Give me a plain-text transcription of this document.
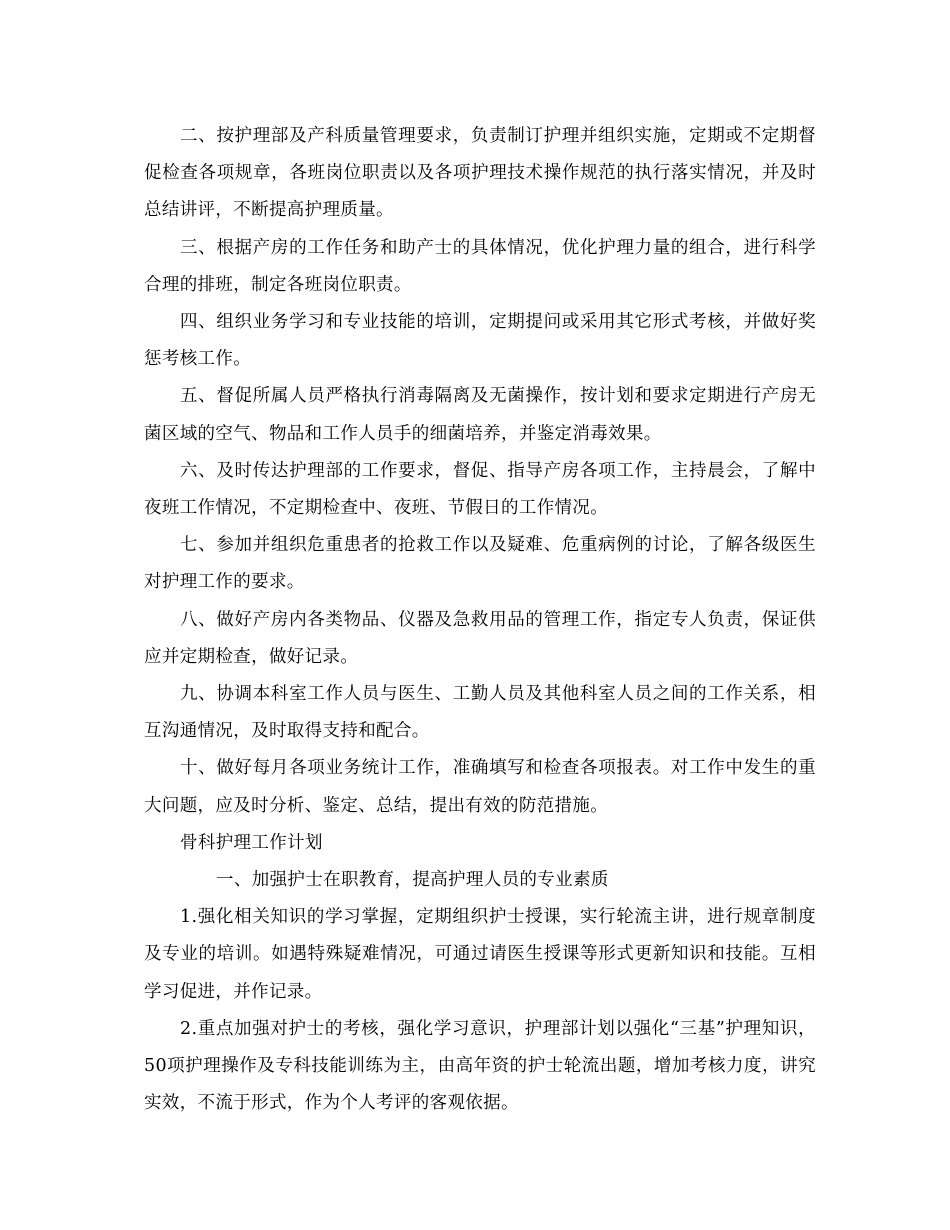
二、按护理部及产科质量管理要求，负责制订护理并组织实施，定期或不定期督促检查各项规章，各班岗位职责以及各项护理技术操作规范的执行落实情况，并及时总结讲评，不断提高护理质量。

三、根据产房的工作任务和助产士的具体情况，优化护理力量的组合，进行科学合理的排班，制定各班岗位职责。

四、组织业务学习和专业技能的培训，定期提问或采用其它形式考核，并做好奖惩考核工作。

五、督促所属人员严格执行消毒隔离及无菌操作，按计划和要求定期进行产房无菌区域的空气、物品和工作人员手的细菌培养，并鉴定消毒效果。

六、及时传达护理部的工作要求，督促、指导产房各项工作，主持晨会，了解中夜班工作情况，不定期检查中、夜班、节假日的工作情况。

七、参加并组织危重患者的抢救工作以及疑难、危重病例的讨论，了解各级医生对护理工作的要求。

八、做好产房内各类物品、仪器及急救用品的管理工作，指定专人负责，保证供应并定期检查，做好记录。

九、协调本科室工作人员与医生、工勤人员及其他科室人员之间的工作关系，相互沟通情况，及时取得支持和配合。

十、做好每月各项业务统计工作，准确填写和检查各项报表。对工作中发生的重大问题，应及时分析、鉴定、总结，提出有效的防范措施。

骨科护理工作计划

一、加强护士在职教育，提高护理人员的专业素质

1.强化相关知识的学习掌握，定期组织护士授课，实行轮流主讲，进行规章制度及专业的培训。如遇特殊疑难情况，可通过请医生授课等形式更新知识和技能。互相学习促进，并作记录。

2.重点加强对护士的考核，强化学习意识，护理部计划以强化“三基”护理知识，50项护理操作及专科技能训练为主，由高年资的护士轮流出题，增加考核力度，讲究实效，不流于形式，作为个人考评的客观依据。
